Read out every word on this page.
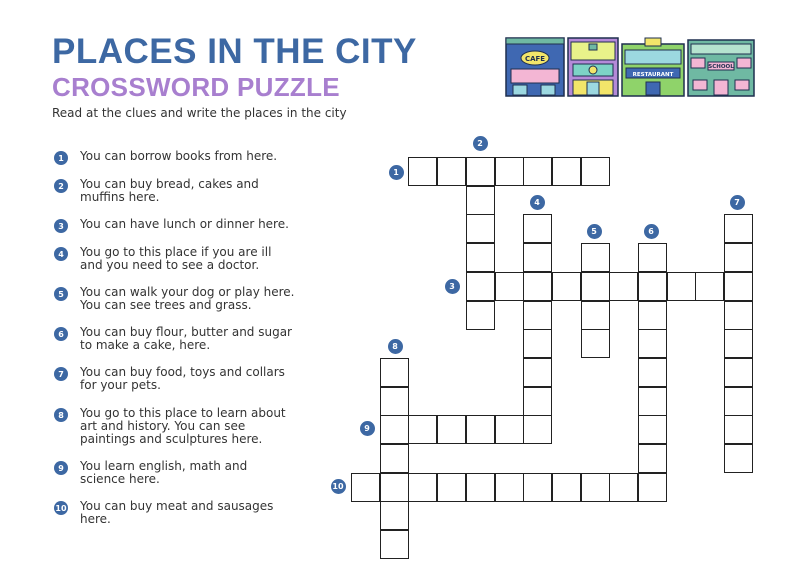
PLACES IN THE CITY
CROSSWORD PUZZLE
Read at the clues and write the places in the city
CAFE
RESTAURANT
SCHOOL
1	You can borrow books from here.
2	You can buy bread, cakes and muffins here.
3	You can have lunch or dinner here.
4	You go to this place if you are ill and you need to see a doctor.
5	You can walk your dog or play here. You can see trees and grass.
6	You can buy flour, butter and sugar to make a cake, here.
7	You can buy food, toys and collars for your pets.
8	You go to this place to learn about art and history. You can see paintings and sculptures here.
9	You learn english, math and science here.
10 You can buy meat and sausages here.
1
2
3
4
5	6
7
8
9
10
